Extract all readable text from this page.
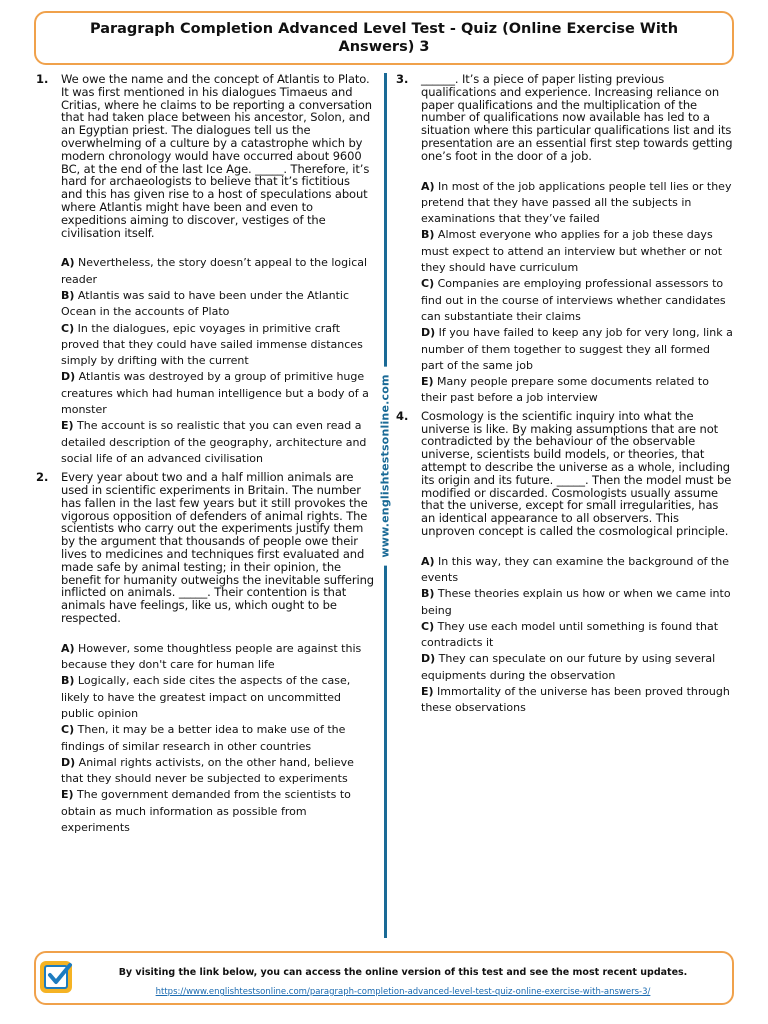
Paragraph Completion Advanced Level Test - Quiz (Online Exercise With Answers) 3
www.englishtestsonline.com
1.	We owe the name and the concept of Atlantis to Plato. It was first mentioned in his dialogues Timaeus and Critias, where he claims to be reporting a conversation that had taken place between his ancestor, Solon, and an Egyptian priest. The dialogues tell us the overwhelming of a culture by a catastrophe which by modern chronology would have occurred about 9600 BC, at the end of the last Ice Age. _____. Therefore, it’s hard for archaeologists to believe that it’s fictitious and this has given rise to a host of speculations about where Atlantis might have been and even to expeditions aiming to discover, vestiges of the civilisation itself.
A) Nevertheless, the story doesn’t appeal to the logical reader
B) Atlantis was said to have been under the Atlantic Ocean in the accounts of Plato
C) In the dialogues, epic voyages in primitive craft proved that they could have sailed immense distances simply by drifting with the current
D) Atlantis was destroyed by a group of primitive huge creatures which had human intelligence but a body of a monster
E) The account is so realistic that you can even read a detailed description of the geography, architecture and social life of an advanced civilisation
2.	Every year about two and a half million animals are used in scientific experiments in Britain. The number has fallen in the last few years but it still provokes the vigorous opposition of defenders of animal rights. The scientists who carry out the experiments justify them by the argument that thousands of people owe their lives to medicines and techniques first evaluated and made safe by animal testing; in their opinion, the benefit for humanity outweighs the inevitable suffering inflicted on animals. _____. Their contention is that animals have feelings, like us, which ought to be respected.
A) However, some thoughtless people are against this because they don't care for human life
B) Logically, each side cites the aspects of the case, likely to have the greatest impact on uncommitted public opinion
C) Then, it may be a better idea to make use of the findings of similar research in other countries
D) Animal rights activists, on the other hand, believe that they should never be subjected to experiments
E) The government demanded from the scientists to obtain as much information as possible from experiments
3.	______. It’s a piece of paper listing previous qualifications and experience. Increasing reliance on paper qualifications and the multiplication of the number of qualifications now available has led to a situation where this particular qualifications list and its presentation are an essential first step towards getting one’s foot in the door of a job.
A) In most of the job applications people tell lies or they pretend that they have passed all the subjects in examinations that they’ve failed
B) Almost everyone who applies for a job these days must expect to attend an interview but whether or not they should have curriculum
C) Companies are employing professional assessors to find out in the course of interviews whether candidates can substantiate their claims
D) If you have failed to keep any job for very long, link a number of them together to suggest they all formed part of the same job
E) Many people prepare some documents related to their past before a job interview
4.	Cosmology is the scientific inquiry into what the universe is like. By making assumptions that are not contradicted by the behaviour of the observable universe, scientists build models, or theories, that attempt to describe the universe as a whole, including its origin and its future. _____. Then the model must be modified or discarded. Cosmologists usually assume that the universe, except for small irregularities, has an identical appearance to all observers. This unproven concept is called the cosmological principle.
A) In this way, they can examine the background of the events
B) These theories explain us how or when we came into being
C) They use each model until something is found that contradicts it
D) They can speculate on our future by using several equipments during the observation
E) Immortality of the universe has been proved through these observations
By visiting the link below, you can access the online version of this test and see the most recent updates.
https://www.englishtestsonline.com/paragraph-completion-advanced-level-test-quiz-online-exercise-with-answers-3/
